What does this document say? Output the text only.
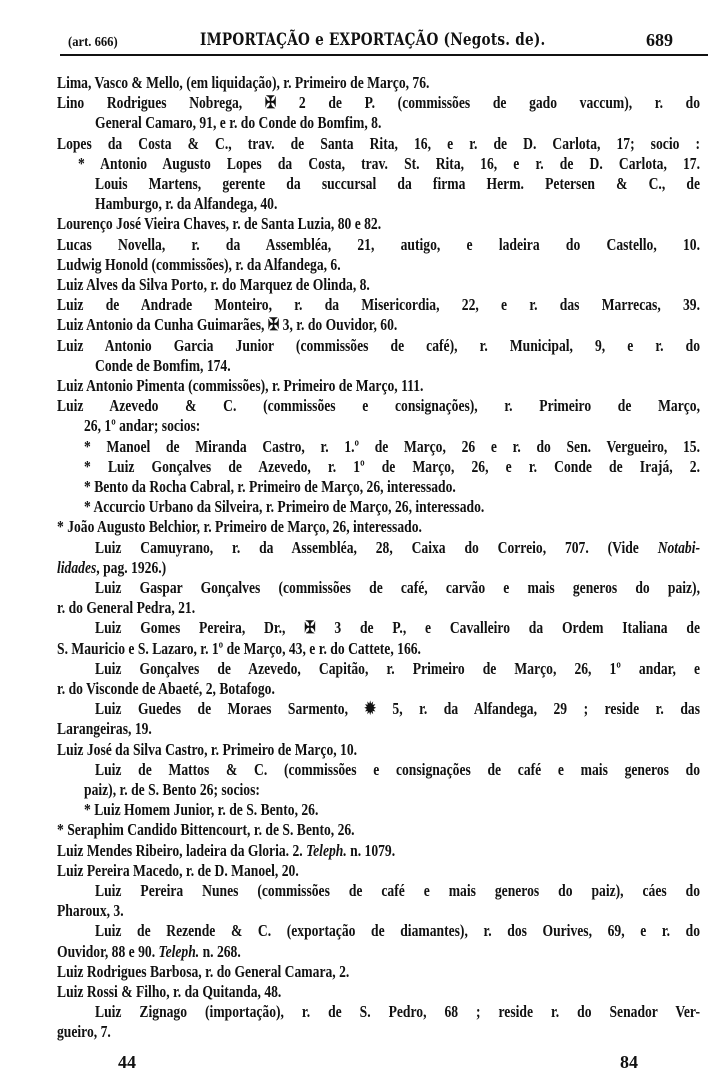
(art. 666)	IMPORTAÇÃO e EXPORTAÇÃO (Negots. de).	689
Lima, Vasco & Mello, (em liquidação), r. Primeiro de Março, 76.
Lino Rodrigues Nobrega, ✠ 2 de P. (commissões de gado vaccum), r. do
General Camaro, 91, e r. do Conde do Bomfim, 8.
Lopes da Costa & C., trav. de Santa Rita, 16, e r. de D. Carlota, 17; socio :
* Antonio Augusto Lopes da Costa, trav. St. Rita, 16, e r. de D. Carlota, 17.
Louis Martens, gerente da succursal da firma Herm. Petersen & C., de
Hamburgo, r. da Alfandega, 40.
Lourenço José Vieira Chaves, r. de Santa Luzia, 80 e 82.
Lucas Novella, r. da Assembléa, 21, autigo, e ladeira do Castello, 10.
Ludwig Honold (commissões), r. da Alfandega, 6.
Luiz Alves da Silva Porto, r. do Marquez de Olinda, 8.
Luiz de Andrade Monteiro, r. da Misericordia, 22, e r. das Marrecas, 39.
Luiz Antonio da Cunha Guimarães, ✠ 3, r. do Ouvidor, 60.
Luiz Antonio Garcia Junior (commissões de café), r. Municipal, 9, e r. do
Conde de Bomfim, 174.
Luiz Antonio Pimenta (commissões), r. Primeiro de Março, 111.
Luiz Azevedo & C. (commissões e consignações), r. Primeiro de Março,
26, 1º andar; socios:
* Manoel de Miranda Castro, r. 1.º de Março, 26 e r. do Sen. Vergueiro, 15.
* Luiz Gonçalves de Azevedo, r. 1º de Março, 26, e r. Conde de Irajá, 2.
* Bento da Rocha Cabral, r. Primeiro de Março, 26, interessado.
* Accurcio Urbano da Silveira, r. Primeiro de Março, 26, interessado.
* João Augusto Belchior, r. Primeiro de Março, 26, interessado.
Luiz Camuyrano, r. da Assembléa, 28, Caixa do Correio, 707. (Vide Notabi-
lidades, pag. 1926.)
Luiz Gaspar Gonçalves (commissões de café, carvão e mais generos do paiz),
r. do General Pedra, 21.
Luiz Gomes Pereira, Dr., ✠ 3 de P., e Cavalleiro da Ordem Italiana de
S. Mauricio e S. Lazaro, r. 1º de Março, 43, e r. do Cattete, 166.
Luiz Gonçalves de Azevedo, Capitão, r. Primeiro de Março, 26, 1º andar, e
r. do Visconde de Abaeté, 2, Botafogo.
Luiz Guedes de Moraes Sarmento, ✹ 5, r. da Alfandega, 29 ; reside r. das
Larangeiras, 19.
Luiz José da Silva Castro, r. Primeiro de Março, 10.
Luiz de Mattos & C. (commissões e consignações de café e mais generos do
paiz), r. de S. Bento 26; socios:
* Luiz Homem Junior, r. de S. Bento, 26.
* Seraphim Candido Bittencourt, r. de S. Bento, 26.
Luiz Mendes Ribeiro, ladeira da Gloria. 2. Teleph. n. 1079.
Luiz Pereira Macedo, r. de D. Manoel, 20.
Luiz Pereira Nunes (commissões de café e mais generos do paiz), cáes do
Pharoux, 3.
Luiz de Rezende & C. (exportação de diamantes), r. dos Ourives, 69, e r. do
Ouvidor, 88 e 90. Teleph. n. 268.
Luiz Rodrigues Barbosa, r. do General Camara, 2.
Luiz Rossi & Filho, r. da Quitanda, 48.
Luiz Zignago (importação), r. de S. Pedro, 68 ; reside r. do Senador Ver-
gueiro, 7.
44	84
